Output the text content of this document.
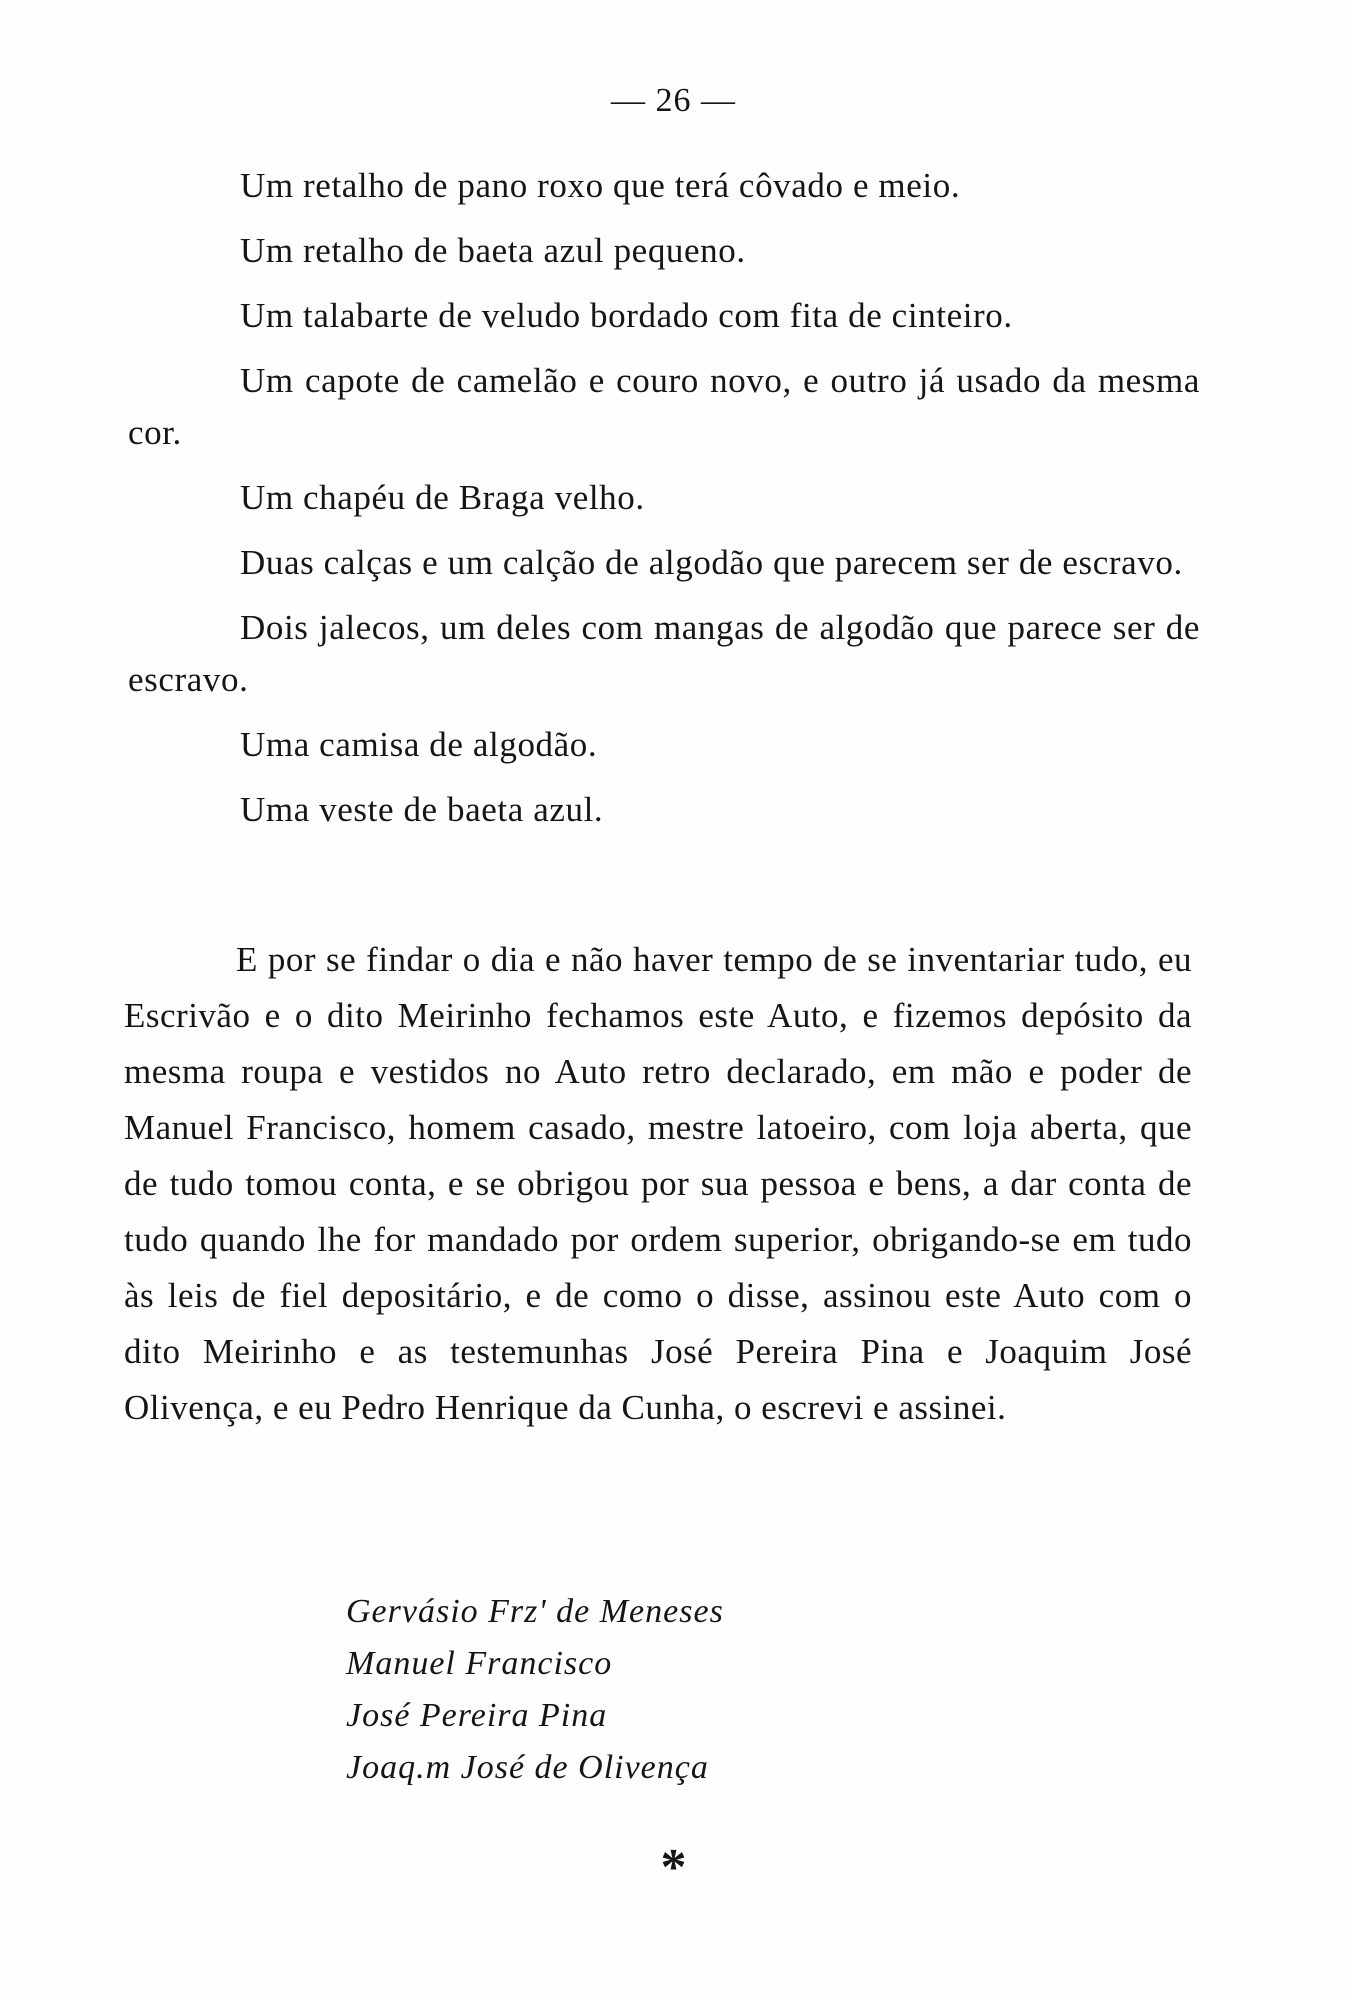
— 26 —

Um retalho de pano roxo que terá côvado e meio.

Um retalho de baeta azul pequeno.

Um talabarte de veludo bordado com fita de cinteiro.

Um capote de camelão e couro novo, e outro já usado da mesma cor.

Um chapéu de Braga velho.

Duas calças e um calção de algodão que parecem ser de escravo.

Dois jalecos, um deles com mangas de algodão que parece ser de escravo.

Uma camisa de algodão.

Uma veste de baeta azul.

E por se findar o dia e não haver tempo de se inventariar tudo, eu Escrivão e o dito Meirinho fechamos este Auto, e fizemos depósito da mesma roupa e vestidos no Auto retro declarado, em mão e poder de Manuel Francisco, homem casado, mestre latoeiro, com loja aberta, que de tudo tomou conta, e se obrigou por sua pessoa e bens, a dar conta de tudo quando lhe for mandado por ordem superior, obrigando-se em tudo às leis de fiel depositário, e de como o disse, assinou este Auto com o dito Meirinho e as testemunhas José Pereira Pina e Joaquim José Olivença, e eu Pedro Henrique da Cunha, o escrevi e assinei.

Gervásio Frz' de Meneses
Manuel Francisco
José Pereira Pina
Joaq.m José de Olivença
*
